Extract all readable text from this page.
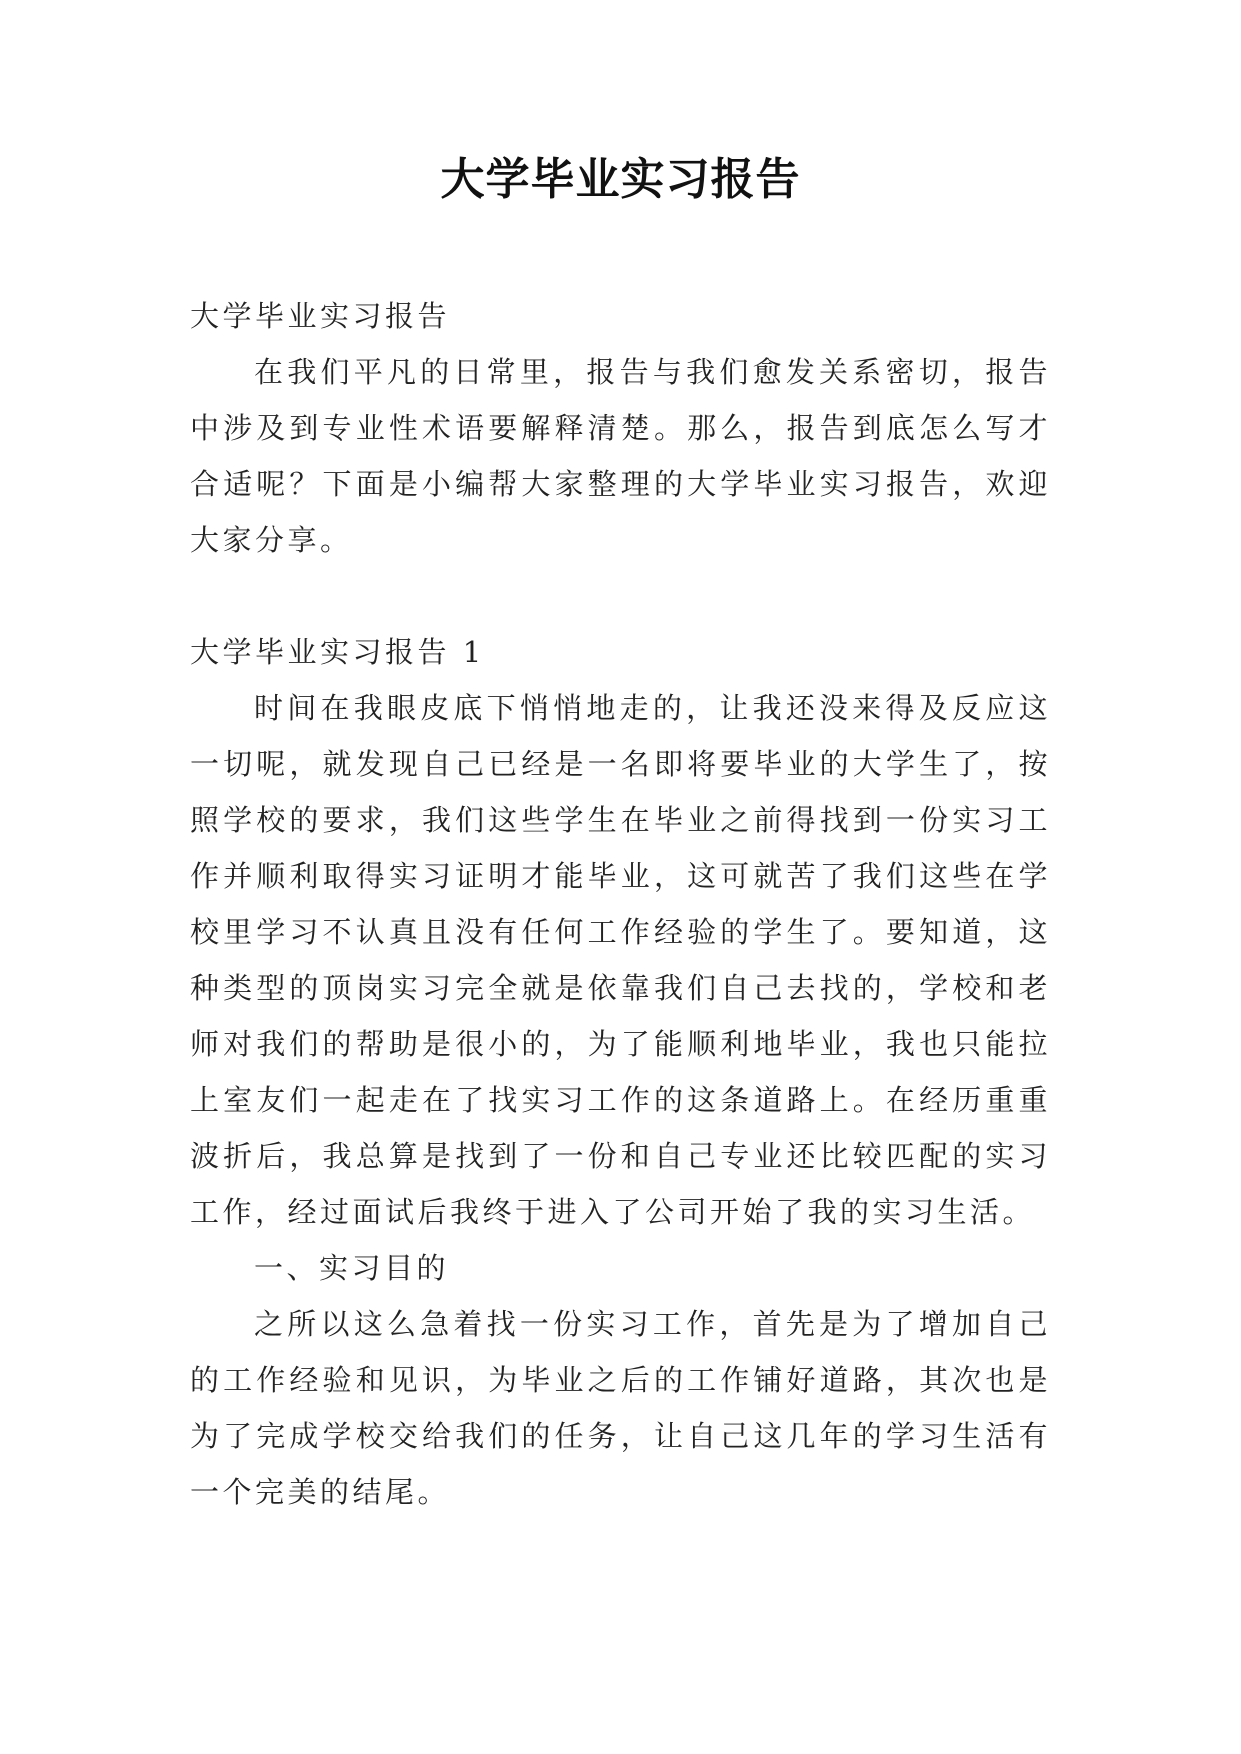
大学毕业实习报告

大学毕业实习报告

在我们平凡的日常里，报告与我们愈发关系密切，报告中涉及到专业性术语要解释清楚。那么，报告到底怎么写才合适呢？下面是小编帮大家整理的大学毕业实习报告，欢迎大家分享。

大学毕业实习报告 1

时间在我眼皮底下悄悄地走的，让我还没来得及反应这一切呢，就发现自己已经是一名即将要毕业的大学生了，按照学校的要求，我们这些学生在毕业之前得找到一份实习工作并顺利取得实习证明才能毕业，这可就苦了我们这些在学校里学习不认真且没有任何工作经验的学生了。要知道，这种类型的顶岗实习完全就是依靠我们自己去找的，学校和老师对我们的帮助是很小的，为了能顺利地毕业，我也只能拉上室友们一起走在了找实习工作的这条道路上。在经历重重波折后，我总算是找到了一份和自己专业还比较匹配的实习工作，经过面试后我终于进入了公司开始了我的实习生活。

一、实习目的

之所以这么急着找一份实习工作，首先是为了增加自己的工作经验和见识，为毕业之后的工作铺好道路，其次也是为了完成学校交给我们的任务，让自己这几年的学习生活有一个完美的结尾。
